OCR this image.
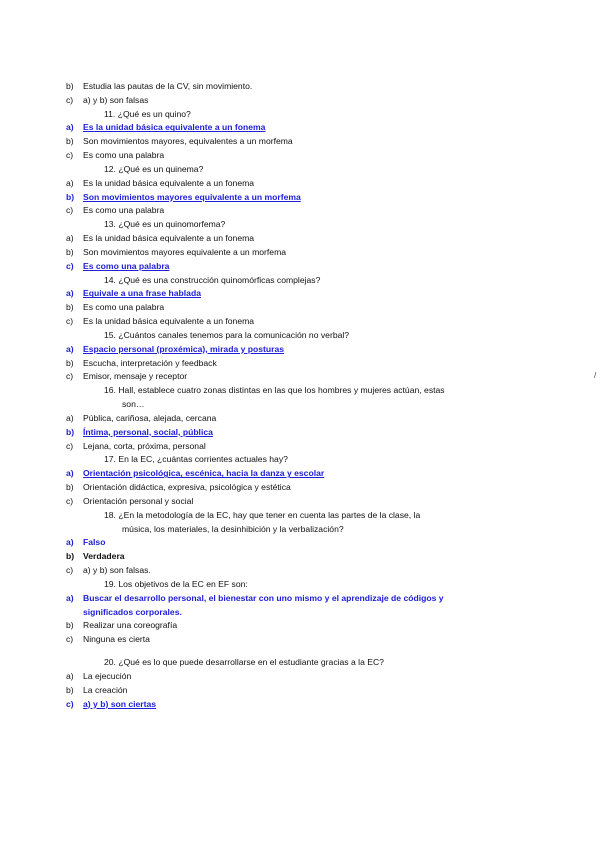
b) Estudia las pautas de la CV, sin movimiento.
c) a) y b) son falsas
11. ¿Qué es un quino?
a) Es la unidad básica equivalente a un fonema
b) Son movimientos mayores, equivalentes a un morfema
c) Es como una palabra
12. ¿Qué es un quinema?
a) Es la unidad básica equivalente a un fonema
b) Son movimientos mayores equivalente a un morfema
c) Es como una palabra
13. ¿Qué es un quinomorfema?
a) Es la unidad básica equivalente a un fonema
b) Son movimientos mayores equivalente a un morfema
c) Es como una palabra
14. ¿Qué es una construcción quinomórficas complejas?
a) Equivale a una frase hablada
b) Es como una palabra
c) Es la unidad básica equivalente a un fonema
15. ¿Cuántos canales tenemos para la comunicación no verbal?
a) Espacio personal (proxémica), mirada y posturas
b) Escucha, interpretación y feedback
c) Emisor, mensaje y receptor
16. Hall, establece cuatro zonas distintas en las que los hombres y mujeres actúan, estas
son…
a) Pública, cariñosa, alejada, cercana
b) Íntima, personal, social, pública
c) Lejana, corta, próxima, personal
17. En la EC, ¿cuántas corrientes actuales hay?
a) Orientación psicológica, escénica, hacia la danza y escolar
b) Orientación didáctica, expresiva, psicológica y estética
c) Orientación personal y social
18. ¿En la metodología de la EC, hay que tener en cuenta las partes de la clase, la
música, los materiales, la desinhibición y la verbalización?
a) Falso
b) Verdadera
c) a) y b) son falsas.
19. Los objetivos de la EC en EF son:
a) Buscar el desarrollo personal, el bienestar con uno mismo y el aprendizaje de códigos y
significados corporales.
b) Realizar una coreografía
c) Ninguna es cierta
20. ¿Qué es lo que puede desarrollarse en el estudiante gracias a la EC?
a) La ejecución
b) La creación
c) a) y b) son ciertas
/
